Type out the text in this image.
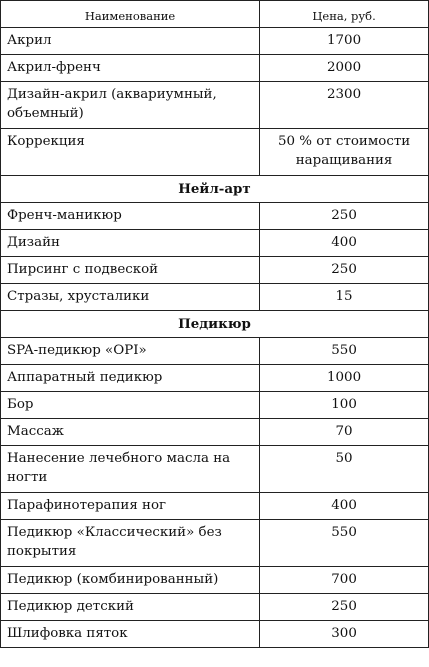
Наименование	Цена, руб.
Акрил	1700
Акрил-френч	2000
Дизайн-акрил (аквариумный, объемный)	2300
Коррекция	50 % от стоимости наращивания
Нейл-арт	
Френч-маникюр	250
Дизайн	400
Пирсинг с подвеской	250
Стразы, хрусталики	15
Педикюр	
SPA-педикюр «OPI»	550
Аппаратный педикюр	1000
Бор	100
Массаж	70
Нанесение лечебного масла на ногти	50
Парафинотерапия ног	400
Педикюр «Классический» без покрытия	550
Педикюр (комбинированный)	700
Педикюр детский	250
Шлифовка пяток	300
